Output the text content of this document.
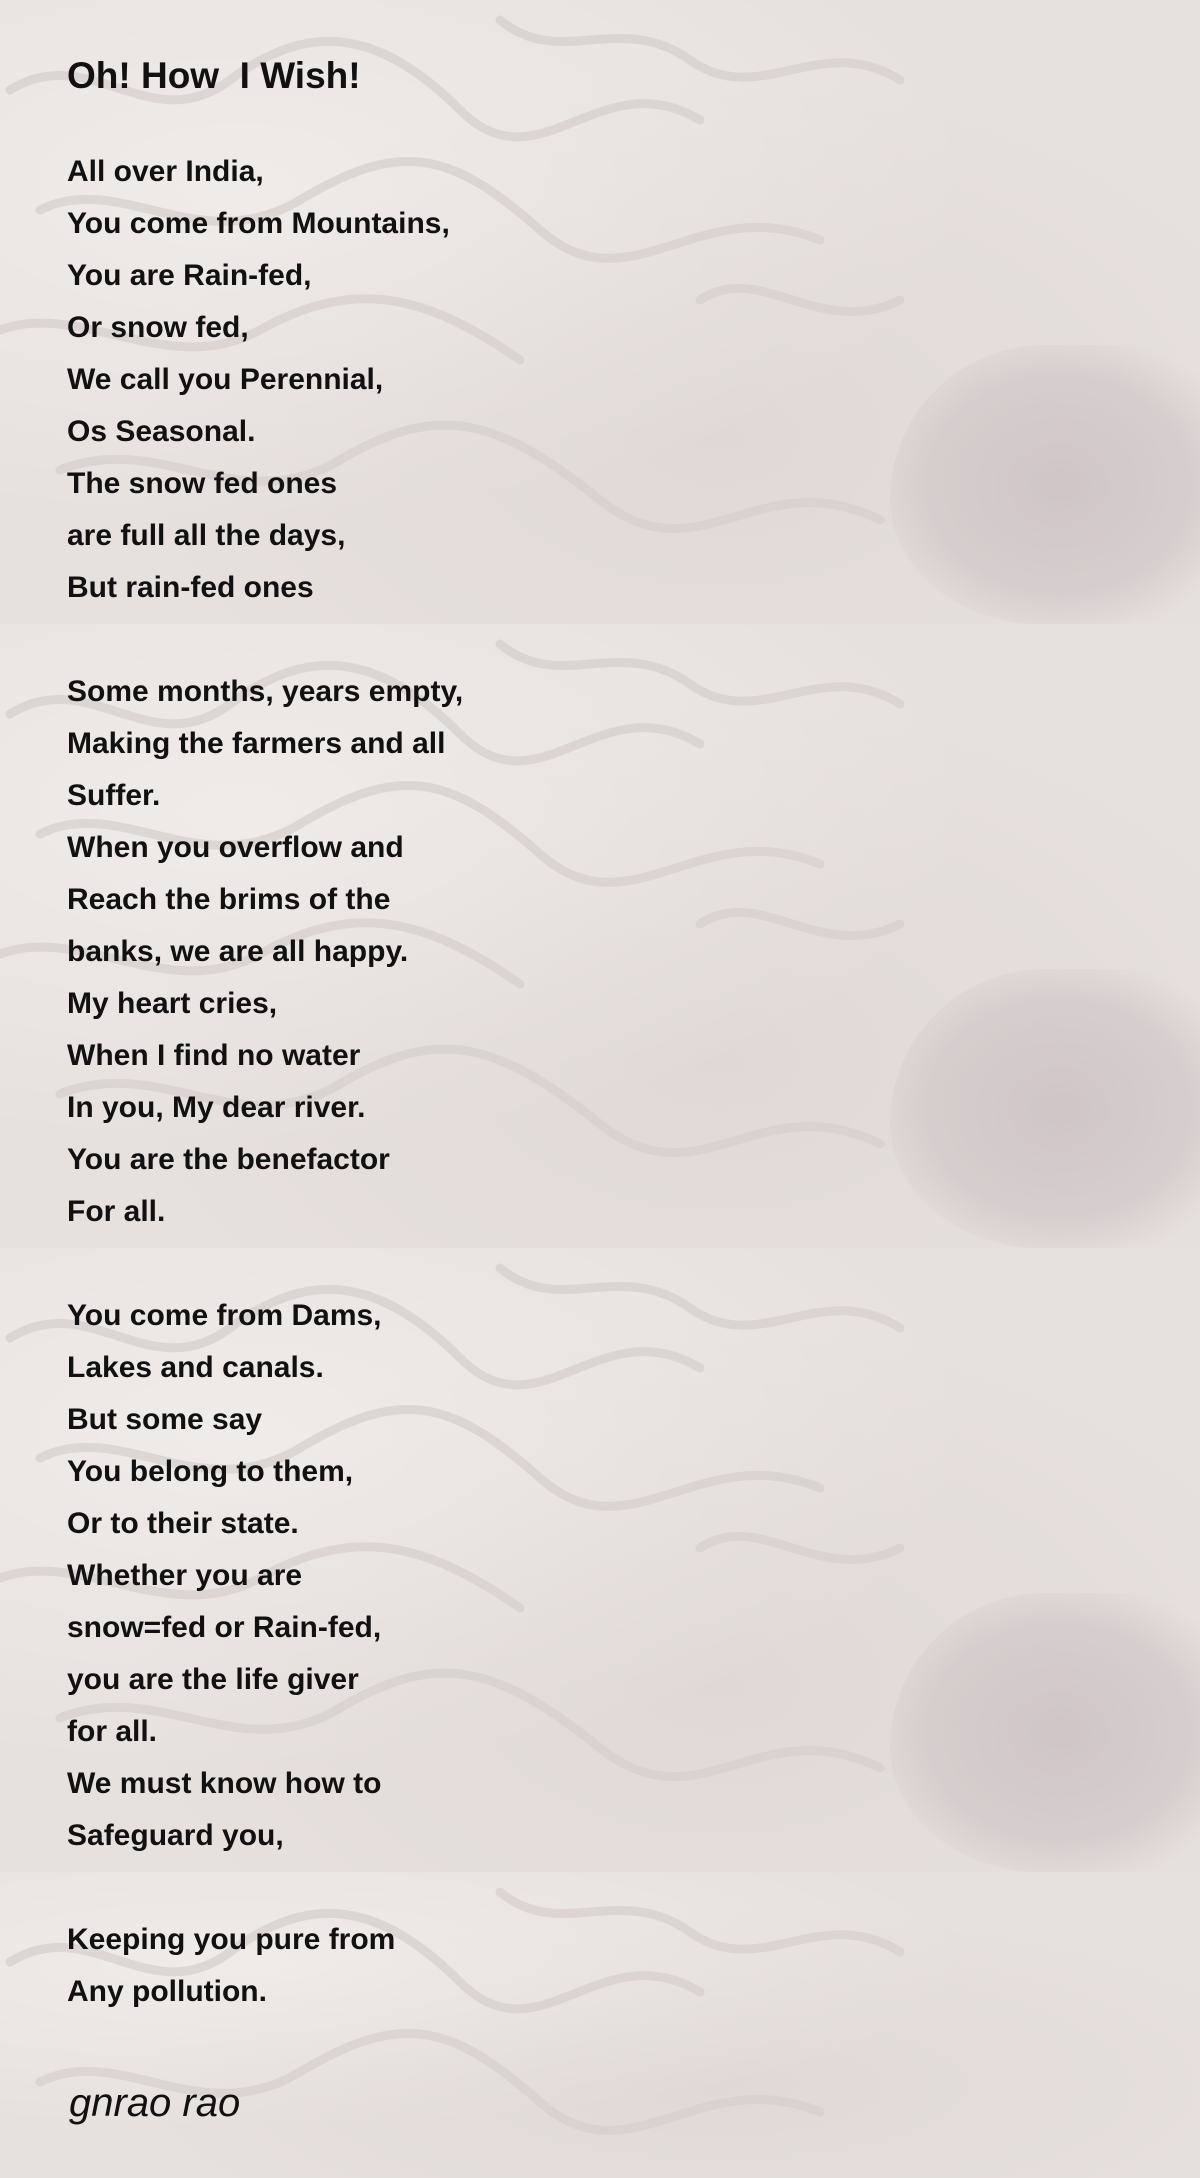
Oh! How  I Wish!
All over India,
You come from Mountains,
You are Rain-fed,
Or snow fed,
We call you Perennial,
Os Seasonal.
The snow fed ones
are full all the days,
But rain-fed ones
Some months, years empty,
Making the farmers and all
Suffer.
When you overflow and
Reach the brims of the
banks, we are all happy.
My heart cries,
When I find no water
In you, My dear river.
You are the benefactor
For all.
You come from Dams,
Lakes and canals.
But some say
You belong to them,
Or to their state.
Whether you are
snow=fed or Rain-fed,
you are the life giver
for all.
We must know how to
Safeguard you,
Keeping you pure from
Any pollution.
gnrao rao
